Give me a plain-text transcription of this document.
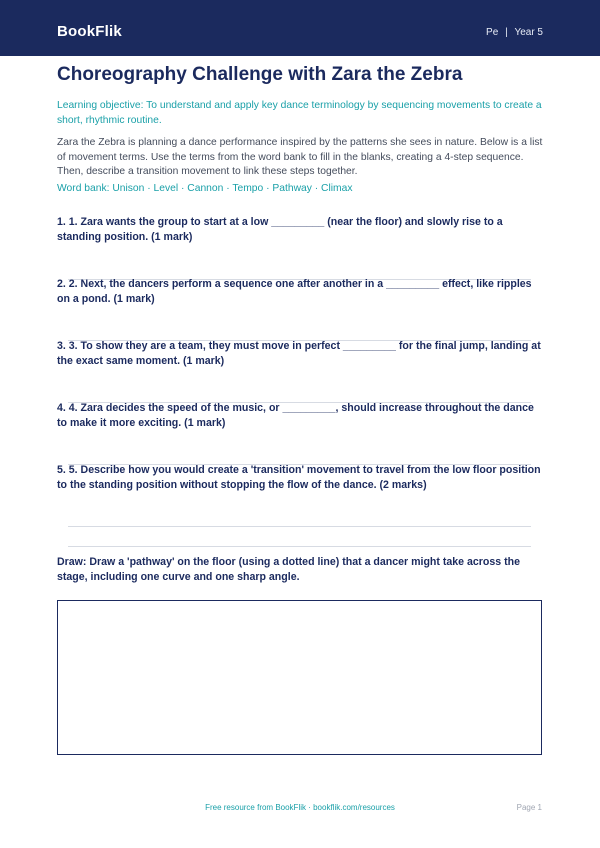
BookFlik	Pe | Year 5
Choreography Challenge with Zara the Zebra
Learning objective: To understand and apply key dance terminology by sequencing movements to create a short, rhythmic routine.
Zara the Zebra is planning a dance performance inspired by the patterns she sees in nature. Below is a list of movement terms. Use the terms from the word bank to fill in the blanks, creating a 4-step sequence. Then, describe a transition movement to link these steps together.
Word bank: Unison · Level · Cannon · Tempo · Pathway · Climax
1. 1. Zara wants the group to start at a low _________ (near the floor) and slowly rise to a standing position. (1 mark)
2. 2. Next, the dancers perform a sequence one after another in a _________ effect, like ripples on a pond. (1 mark)
3. 3. To show they are a team, they must move in perfect _________ for the final jump, landing at the exact same moment. (1 mark)
4. 4. Zara decides the speed of the music, or _________, should increase throughout the dance to make it more exciting. (1 mark)
5. 5. Describe how you would create a 'transition' movement to travel from the low floor position to the standing position without stopping the flow of the dance. (2 marks)
Draw: Draw a 'pathway' on the floor (using a dotted line) that a dancer might take across the stage, including one curve and one sharp angle.
Free resource from BookFlik · bookflik.com/resources	Page 1
